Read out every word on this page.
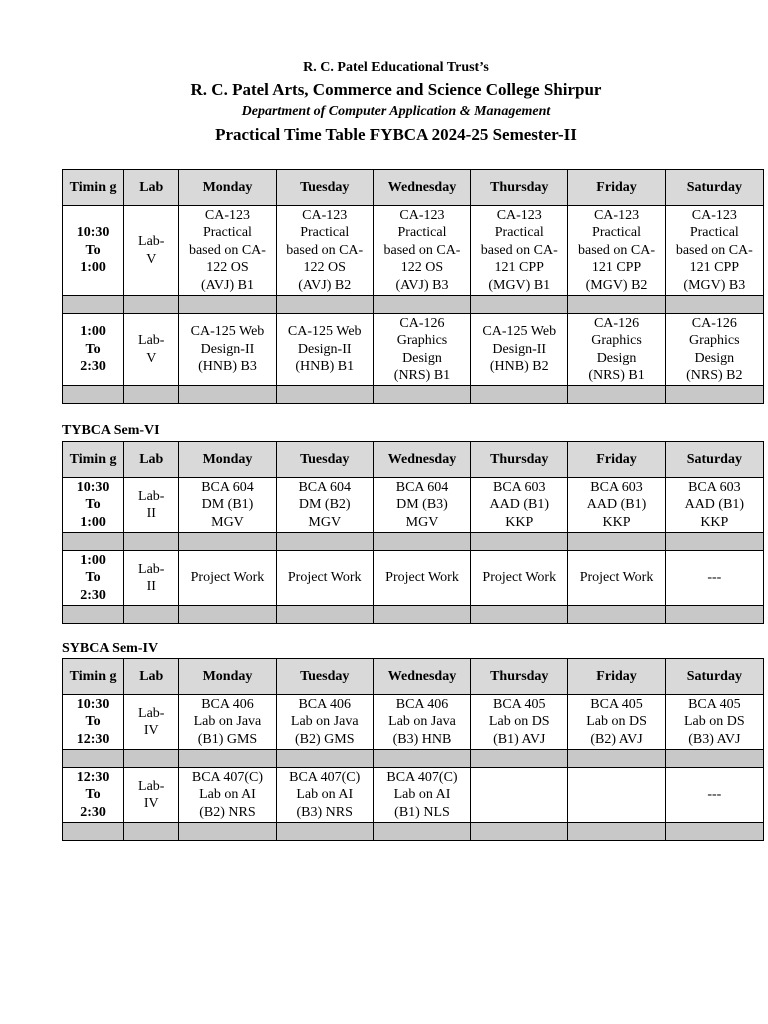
R. C. Patel Educational Trust’s
R. C. Patel Arts, Commerce and Science College Shirpur
Department of Computer Application & Management
Practical Time Table FYBCA 2024-25 Semester-II
Timin g	Lab	Monday	Tuesday	Wednesday	Thursday	Friday	Saturday
10:30
To
1:00	Lab-
V	CA-123
Practical
based on CA-
122 OS
(AVJ) B1	CA-123
Practical
based on CA-
122 OS
(AVJ) B2	CA-123
Practical
based on CA-
122 OS
(AVJ) B3	CA-123
Practical
based on CA-
121 CPP
(MGV) B1	CA-123
Practical
based on CA-
121 CPP
(MGV) B2	CA-123
Practical
based on CA-
121 CPP
(MGV) B3

1:00
To
2:30	Lab-
V	CA-125 Web
Design-II
(HNB) B3	CA-125 Web
Design-II
(HNB) B1	CA-126
Graphics
Design
(NRS) B1	CA-125 Web
Design-II
(HNB) B2	CA-126
Graphics
Design
(NRS) B1	CA-126
Graphics
Design
(NRS) B2

TYBCA Sem-VI
Timin g	Lab	Monday	Tuesday	Wednesday	Thursday	Friday	Saturday
10:30
To
1:00	Lab-
II	BCA 604
DM (B1)
MGV	BCA 604
DM (B2)
MGV	BCA 604
DM (B3)
MGV	BCA 603
AAD (B1)
KKP	BCA 603
AAD (B1)
KKP	BCA 603
AAD (B1)
KKP

1:00
To
2:30	Lab-
II	Project Work	Project Work	Project Work	Project Work	Project Work	---

SYBCA Sem-IV
Timin g	Lab	Monday	Tuesday	Wednesday	Thursday	Friday	Saturday
10:30
To
12:30	Lab-
IV	BCA 406
Lab on Java
(B1) GMS	BCA 406
Lab on Java
(B2) GMS	BCA 406
Lab on Java
(B3) HNB	BCA 405
Lab on DS
(B1) AVJ	BCA 405
Lab on DS
(B2) AVJ	BCA 405
Lab on DS
(B3) AVJ

12:30
To
2:30	Lab-
IV	BCA 407(C)
Lab on AI
(B2) NRS	BCA 407(C)
Lab on AI
(B3) NRS	BCA 407(C)
Lab on AI
(B1) NLS			---
